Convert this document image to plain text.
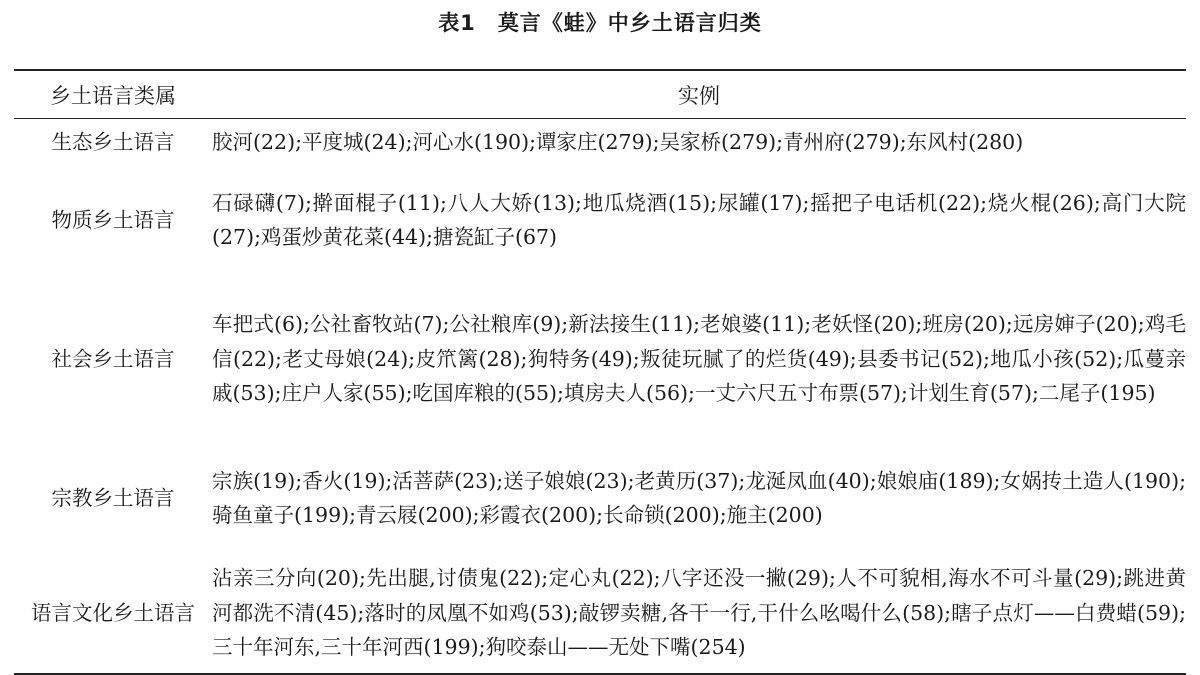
表1 莫言《蛙》中乡土语言归类
乡土语言类属	实例
生态乡土语言	胶河(22);平度城(24);河心水(190);谭家庄(279);吴家桥(279);青州府(279);东风村(280)
物质乡土语言	石碌礴(7);擀面棍子(11);八人大娇(13);地瓜烧酒(15);尿罐(17);摇把子电话机(22);烧火棍(26);高门大院(27);鸡蛋炒黄花菜(44);搪瓷缸子(67)
社会乡土语言	车把式(6);公社畜牧站(7);公社粮库(9);新法接生(11);老娘婆(11);老妖怪(20);班房(20);远房婶子(20);鸡毛信(22);老丈母娘(24);皮笊篱(28);狗特务(49);叛徒玩腻了的烂货(49);县委书记(52);地瓜小孩(52);瓜蔓亲戚(53);庄户人家(55);吃国库粮的(55);填房夫人(56);一丈六尺五寸布票(57);计划生育(57);二尾子(195)
宗教乡土语言	宗族(19);香火(19);活菩萨(23);送子娘娘(23);老黄历(37);龙涎凤血(40);娘娘庙(189);女娲抟土造人(190);骑鱼童子(199);青云屐(200);彩霞衣(200);长命锁(200);施主(200)
语言文化乡土语言	沾亲三分向(20);先出腿,讨债鬼(22);定心丸(22);八字还没一撇(29);人不可貌相,海水不可斗量(29);跳进黄河都洗不清(45);落时的凤凰不如鸡(53);敲锣卖糖,各干一行,干什么吆喝什么(58);瞎子点灯——白费蜡(59);三十年河东,三十年河西(199);狗咬泰山——无处下嘴(254)
